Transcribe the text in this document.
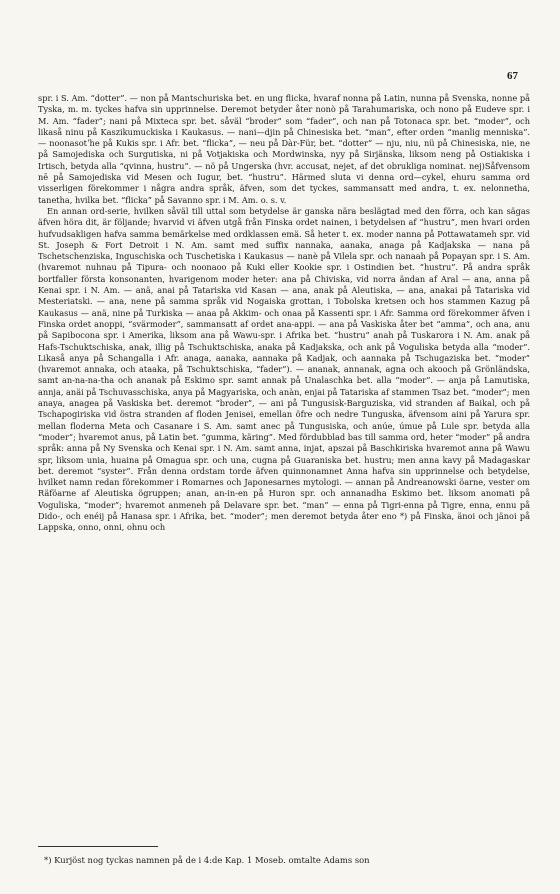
67

spr. i S. Am. “dotter”. — non på Mantschuriska bet. en ung flicka, hvaraf nonna på Latin, nunna på Svenska, nonne på Tyska, m. m. tyckes hafva sin upprinnelse. Deremot betyder åter nonò på Tarahumariska, och nono på Eudeve spr. i M. Am. “fader”; nani på Mixteca spr. bet. såväl “broder” som “fader”, och nan på Totonaca spr. bet. “moder”, och likaså ninu på Kaszikumuckiska i Kaukasus. — nani—djin på Chinesiska bet. “man”, efter orden “manlig menniska”. — noonasotʼhe på Kukis spr. i Afr. bet. “flicka”, — neu på Dàr-Für, bet. “dotter” — nju, niu, nü på Chinesiska, nie, ne på Samojediska och Surgutiska, ni på Votjakiska och Mordwinska, nyy på Sirjänska, liksom neng på Ostiakiska i Irtisch, betyda alla “qvinna, hustru”. — nö på Ungerska (hvr. accusat, nejet, af det obrukliga nominat. nej)Såfvensom nē på Samojediska vid Mesen och Iugur, bet. “hustru”. Härmed sluta vi denna ord—cykel, ehuru samma ord visserligen förekommer i några andra språk, äfven, som det tyckes, sammansatt med andra, t. ex. nelonnetha, tanetha, hvilka bet. “flicka” på Savanno spr. i M. Am. o. s. v.

En annan ord-serie, hvilken såväl till uttal som betydelse är ganska nära beslägtad med den förra, och kan sägas äfven höra dit, är följande; hvarvid vi äfven utgå från Finska ordet nainen, i betydelsen af “hustru”, men hvari orden hufvudsakligen hafva samma bemärkelse med ordklassen emä. Så heter t. ex. moder nanna på Pottawatameh spr. vid St. Joseph & Fort Detroit i N. Am. samt med suffix nannaka, aanaka, anaga på Kadjakska — nana på Tschetschenziska, Inguschiska och Tuschetiska i Kaukasus — nanè på Vilela spr. och nanaah på Popayan spr. i S. Am. (hvaremot nuhnau på Tipurа- och noonaoo på Kuki eller Kookie spr. i Ostindien bet. “hustru”. På andra språk bortfaller första konsonanten, hvarigenom moder heter: ana på Chiviska, vid norra ändan af Aral — ana, anna på Kenai spr. i N. Am. — anä, anai på Tatariska vid Kasan — ana, anak på Aleutiska, — ana, anakai på Tatariska vid Mesteriatski. — ana, nene på samma språk vid Nogaiska grottan, i Tobolska kretsen och hos stammen Kazug på Kaukasus — anä, nine på Turkiska — anaa på Akkim- och onaa på Kassenti spr. i Afr. Samma ord förekommer äfven i Finska ordet anoppi, “svärmoder”, sammansatt af ordet ana-appi. — ana på Vaskiska åter bet “amma”, och ana, anu på Sapibocona spr. i Amerika, liksom ana på Wawu-spr. i Afrika bet. “hustru” anah på Tuskarora i N. Am. anak på Hafs-Tschuktschiska, anak, illig på Tschuktschiska, anaka på Kadjakska, och ank på Voguliska betyda alla “moder”. Likaså anya på Schangalla i Afr. anaga, aanaka, aannaka på Kadjak, och aannaka på Tschugaziska bet. “moder” (hvaremot annaka, och ataaka, på Tschuktschiska, “fader”). — ananak, annanak, agna och akooch på Grönländska, samt an-na-na-tha och ananak på Eskimo spr. samt annak på Unalaschka bet. alla “moder”. — anja på Lamutiska, annja, anäi på Tschuvasschiska, anya på Magyariska, och anàn, enjai på Tatariska af stammen Tsaz bet. “moder”; men anaya, anagea på Vaskiska bet. deremot “broder”, — ani på Tungusisk-Barguziska, vid stranden af Baikal, och på Tschapogiriska vid östra stranden af floden Jenisei, emellan öfre och nedre Tunguska, äfvensom aini på Yarura spr. mellan floderna Meta och Casanare i S. Am. samt anec på Tungusiska, och anúe, úmue på Lule spr. betyda alla “moder”; hvaremot anus, på Latin bet. “gumma, käring”. Med fördubblad bas till samma ord, heter “moder” på andra språk: anna på Ny Svenska och Kenai spr. i N. Am. samt anna, injat, apszai på Baschkiriska hvaremot anna på Wawu spr, liksom unia, huaina på Omagua spr. och una, cugna på Guaraniska bet. hustru; men anna kavy på Madagaskar bet. deremot “syster”. Från denna ordstam torde äfven quinnonamnet Anna hafva sin upprinnelse och betydelse, hvilket namn redan förekommer i Romarnes och Japonesarnes mytologi. — annan på Andreanowski öarne, vester om Räföarne af Aleutiska ögruppen; anan, an-in-en på Huron spr. och annanadha Eskimo bet. liksom anomati på Voguliska, “moder”; hvaremot anmeneh på Delavare spr. bet. “man” — enna på Tigri-enna på Tigre, enna, ennu på Dido-, och enéij på Hanasa spr. i Afrika, bet. “moder”; men deremot betyda åter eno *) på Finska, änoi och jänoi på Lappska, onno, onni, ohnu och

*) Kurjöst nog tyckas namnen på de i 4:de Kap. 1 Moseb. omtalte Adams son
